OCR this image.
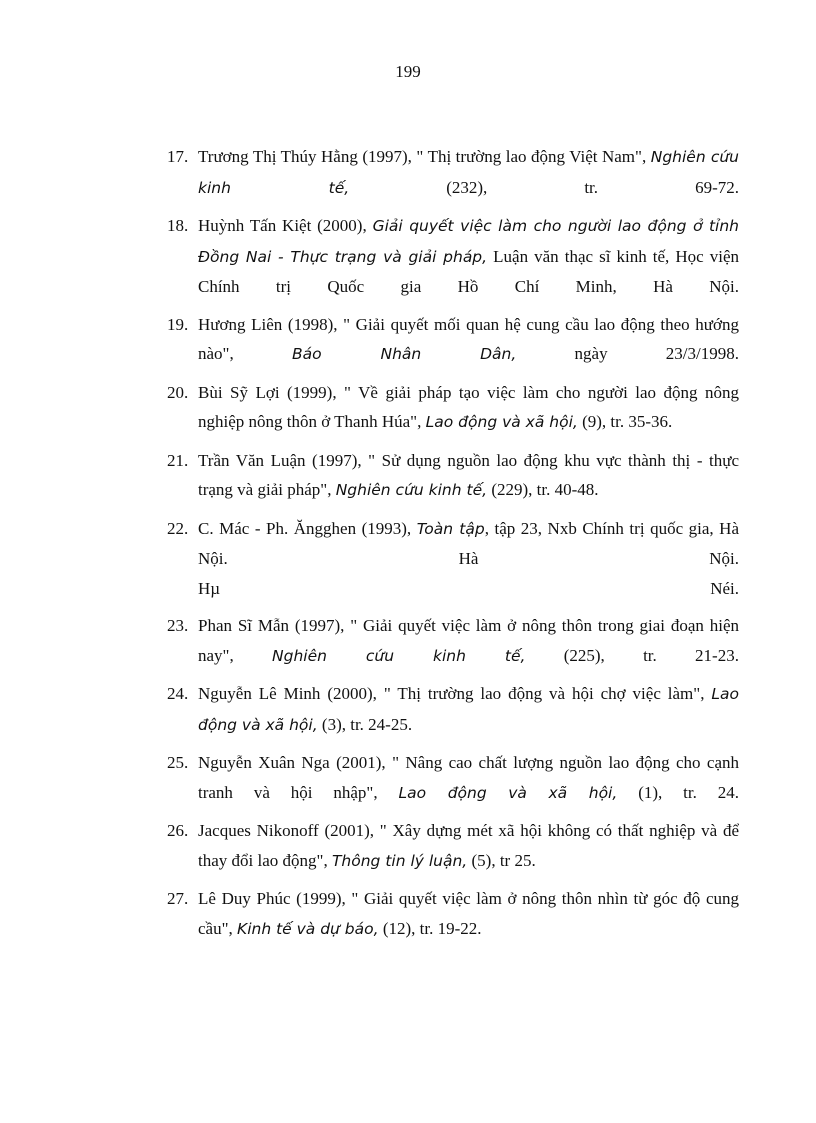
199
17. Trương Thị Thúy Hằng (1997), " Thị trường lao động Việt Nam", Nghiên cứu kinh tế, (232), tr. 69-72.
18. Huỳnh Tấn Kiệt (2000), Giải quyết việc làm cho người lao động ở tỉnh Đồng Nai - Thực trạng và giải pháp, Luận văn thạc sĩ kinh tế, Học viện Chính trị Quốc gia Hồ Chí Minh, Hà Nội.
19. Hương Liên (1998), " Giải quyết mối quan hệ cung cầu lao động theo hướng nào", Báo Nhân Dân, ngày 23/3/1998.
20. Bùi Sỹ Lợi (1999), " Về giải pháp tạo việc làm cho người lao động nông nghiệp nông thôn ở Thanh Húa", Lao động và xã hội, (9), tr. 35-36.
21. Trần Văn Luận (1997), " Sử dụng nguồn lao động khu vực thành thị - thực trạng và giải pháp", Nghiên cứu kinh tế, (229), tr. 40-48.
22. C. Mác - Ph. Ăngghen (1993), Toàn tập, tập 23, Nxb Chính trị quốc gia, Hà Nội. Hà Nội.
Hµ	Néi.
23. Phan Sĩ Mẫn (1997), " Giải quyết việc làm ở nông thôn trong giai đoạn hiện nay", Nghiên cứu kinh tế, (225), tr. 21-23.
24. Nguyễn Lê Minh (2000), " Thị trường lao động và hội chợ việc làm", Lao động và xã hội, (3), tr. 24-25.
25. Nguyễn Xuân Nga (2001), " Nâng cao chất lượng nguồn lao động cho cạnh tranh và hội nhập", Lao động và xã hội, (1), tr. 24.
26. Jacques Nikonoff (2001), " Xây dựng mét xã hội không có thất nghiệp và để thay đổi lao động", Thông tin lý luận, (5), tr 25.
27. Lê Duy Phúc (1999), " Giải quyết việc làm ở nông thôn nhìn từ góc độ cung cầu", Kinh tế và dự báo, (12), tr. 19-22.
